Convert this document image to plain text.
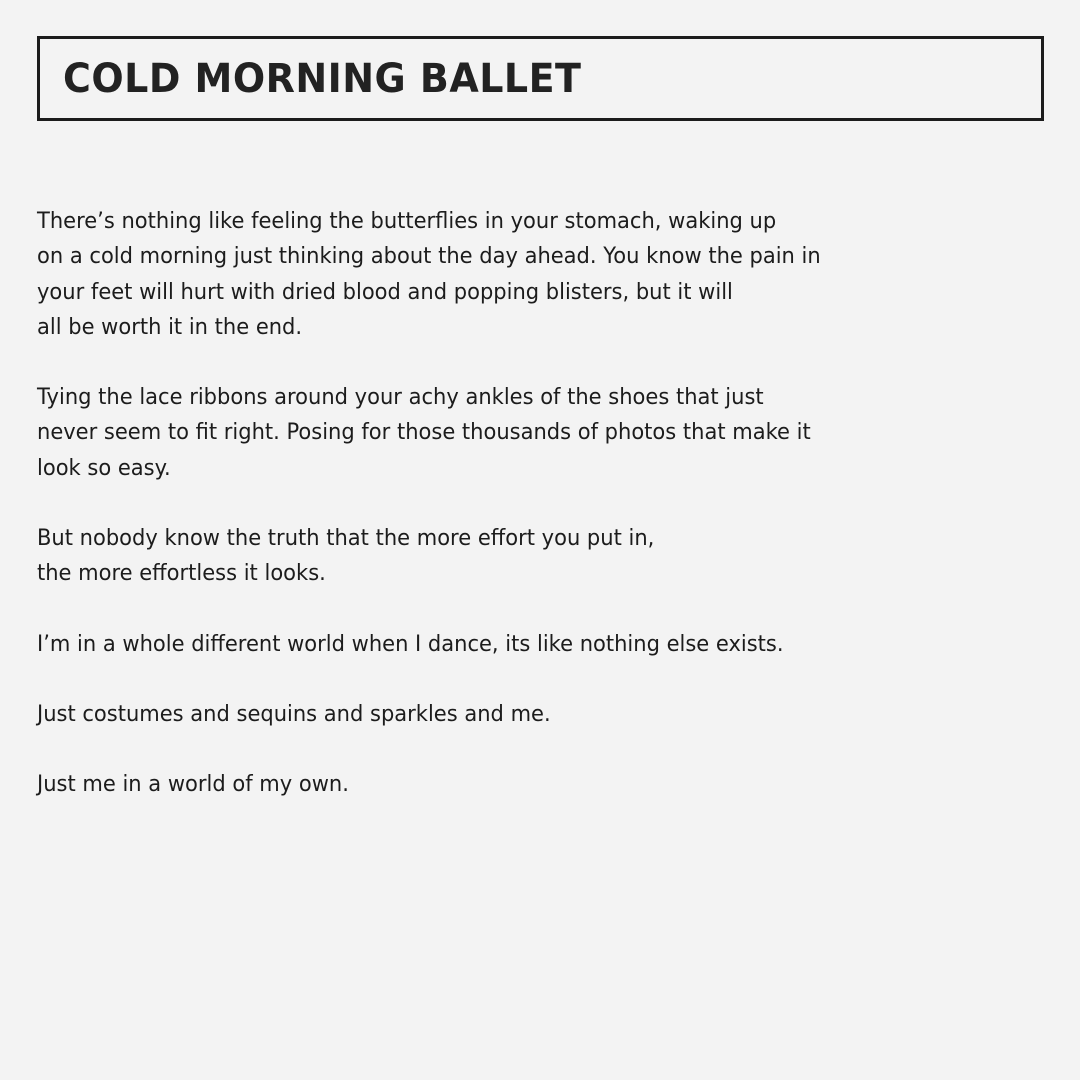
COLD MORNING BALLET
There’s nothing like feeling the butterflies in your stomach, waking up
on a cold morning just thinking about the day ahead. You know the pain in
your feet will hurt with dried blood and popping blisters, but it will
all be worth it in the end.
Tying the lace ribbons around your achy ankles of the shoes that just
never seem to fit right. Posing for those thousands of photos that make it
look so easy.
But nobody know the truth that the more effort you put in,
the more effortless it looks.
I’m in a whole different world when I dance, its like nothing else exists.
Just costumes and sequins and sparkles and me.
Just me in a world of my own.
